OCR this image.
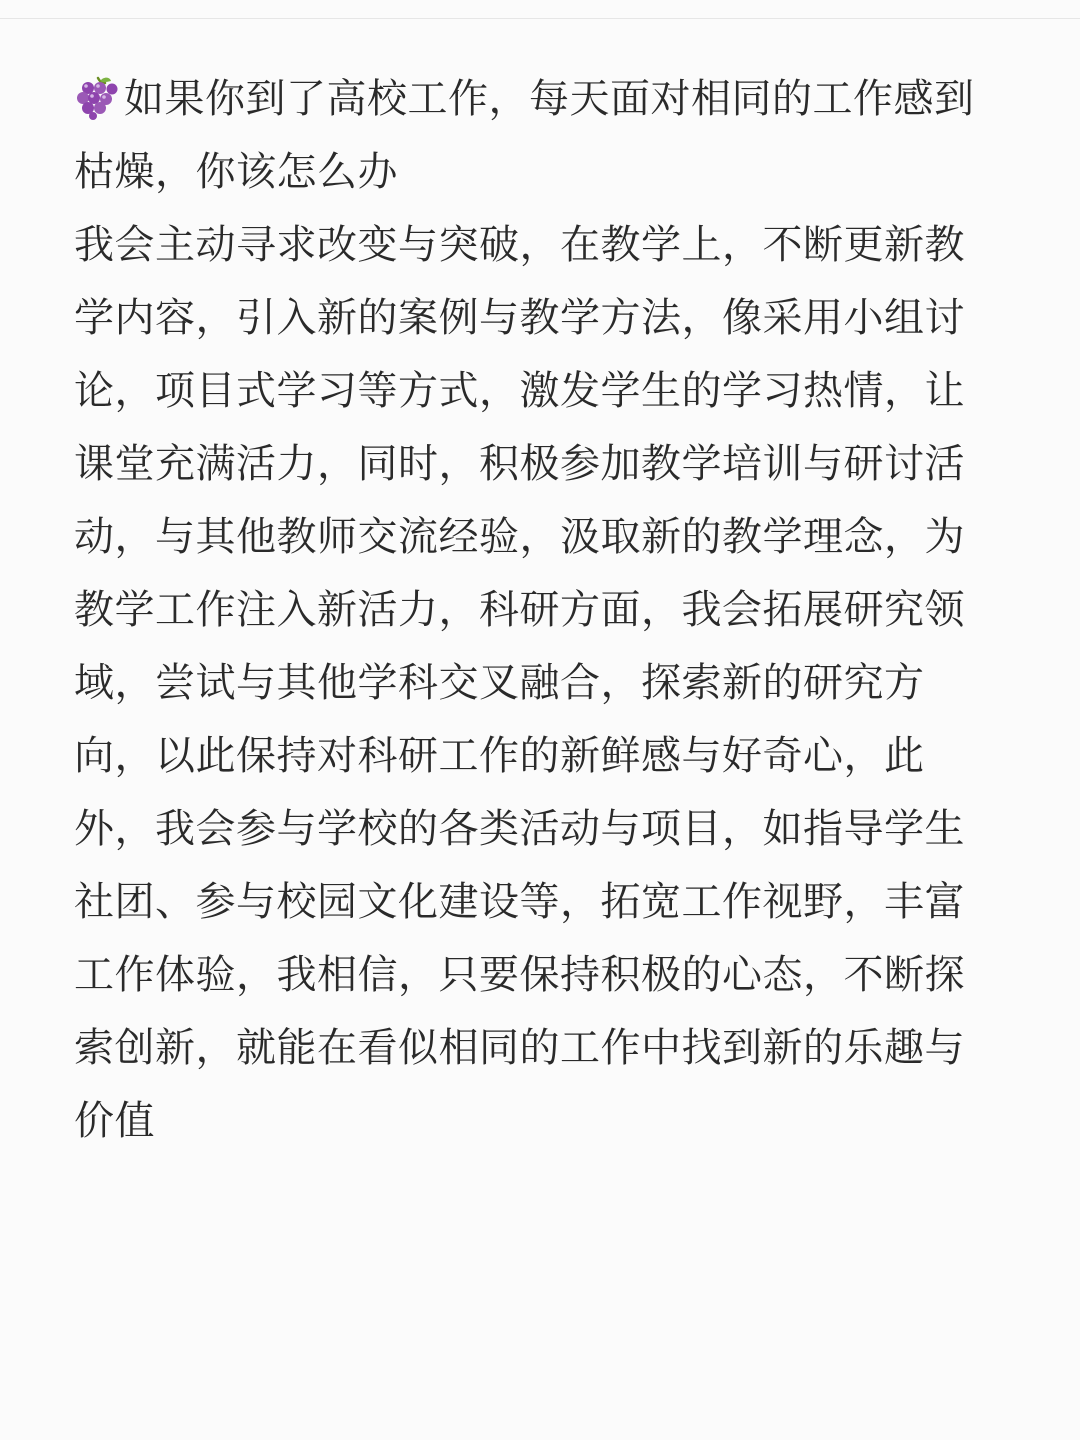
如果你到了高校工作，每天面对相同的工作感到
枯燥，你该怎么办
我会主动寻求改变与突破，在教学上，不断更新教
学内容，引入新的案例与教学方法，像采用小组讨
论，项目式学习等方式，激发学生的学习热情，让
课堂充满活力，同时，积极参加教学培训与研讨活
动，与其他教师交流经验，汲取新的教学理念，为
教学工作注入新活力，科研方面，我会拓展研究领
域，尝试与其他学科交叉融合，探索新的研究方
向，以此保持对科研工作的新鲜感与好奇心，此
外，我会参与学校的各类活动与项目，如指导学生
社团、参与校园文化建设等，拓宽工作视野，丰富
工作体验，我相信，只要保持积极的心态，不断探
索创新，就能在看似相同的工作中找到新的乐趣与
价值
